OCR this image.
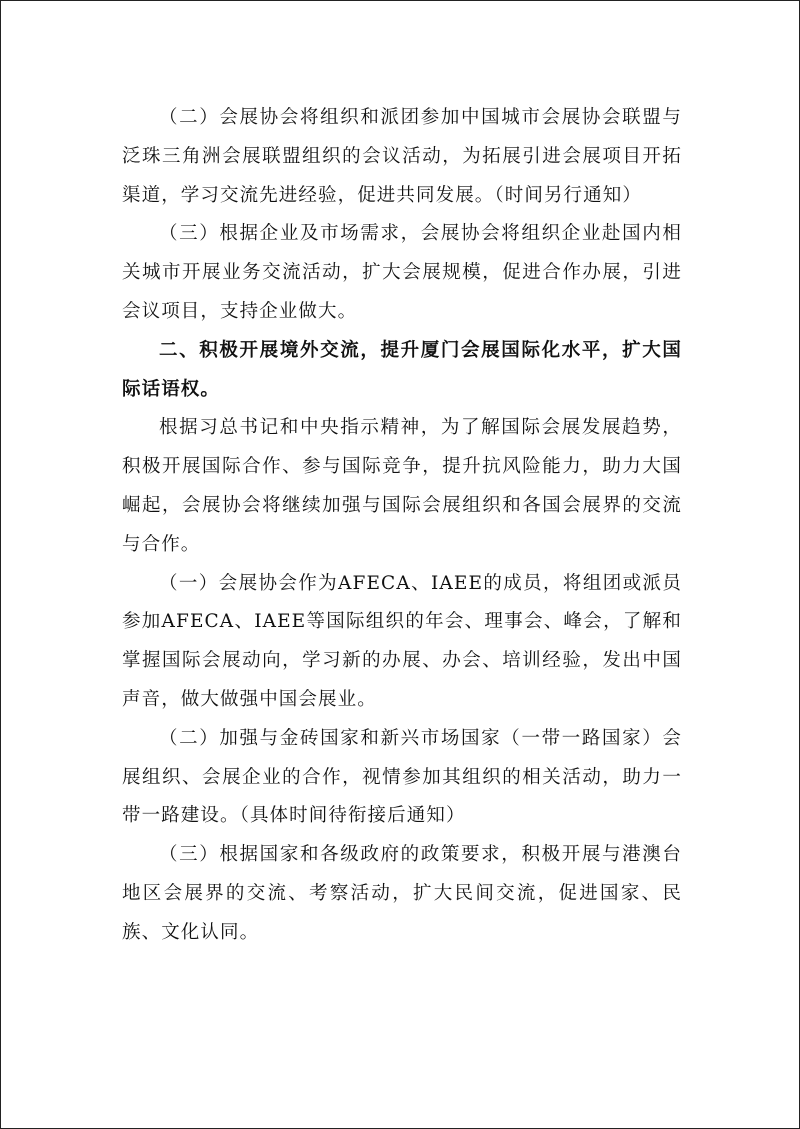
（二）会展协会将组织和派团参加中国城市会展协会联盟与泛珠三角洲会展联盟组织的会议活动，为拓展引进会展项目开拓渠道，学习交流先进经验，促进共同发展。（时间另行通知）

（三）根据企业及市场需求，会展协会将组织企业赴国内相关城市开展业务交流活动，扩大会展规模，促进合作办展，引进会议项目，支持企业做大。

二、积极开展境外交流，提升厦门会展国际化水平，扩大国际话语权。

根据习总书记和中央指示精神，为了解国际会展发展趋势，积极开展国际合作、参与国际竞争，提升抗风险能力，助力大国崛起，会展协会将继续加强与国际会展组织和各国会展界的交流与合作。

（一）会展协会作为AFECA、IAEE的成员，将组团或派员参加AFECA、IAEE等国际组织的年会、理事会、峰会，了解和掌握国际会展动向，学习新的办展、办会、培训经验，发出中国声音，做大做强中国会展业。

（二）加强与金砖国家和新兴市场国家（一带一路国家）会展组织、会展企业的合作，视情参加其组织的相关活动，助力一带一路建设。（具体时间待衔接后通知）

（三）根据国家和各级政府的政策要求，积极开展与港澳台地区会展界的交流、考察活动，扩大民间交流，促进国家、民族、文化认同。
